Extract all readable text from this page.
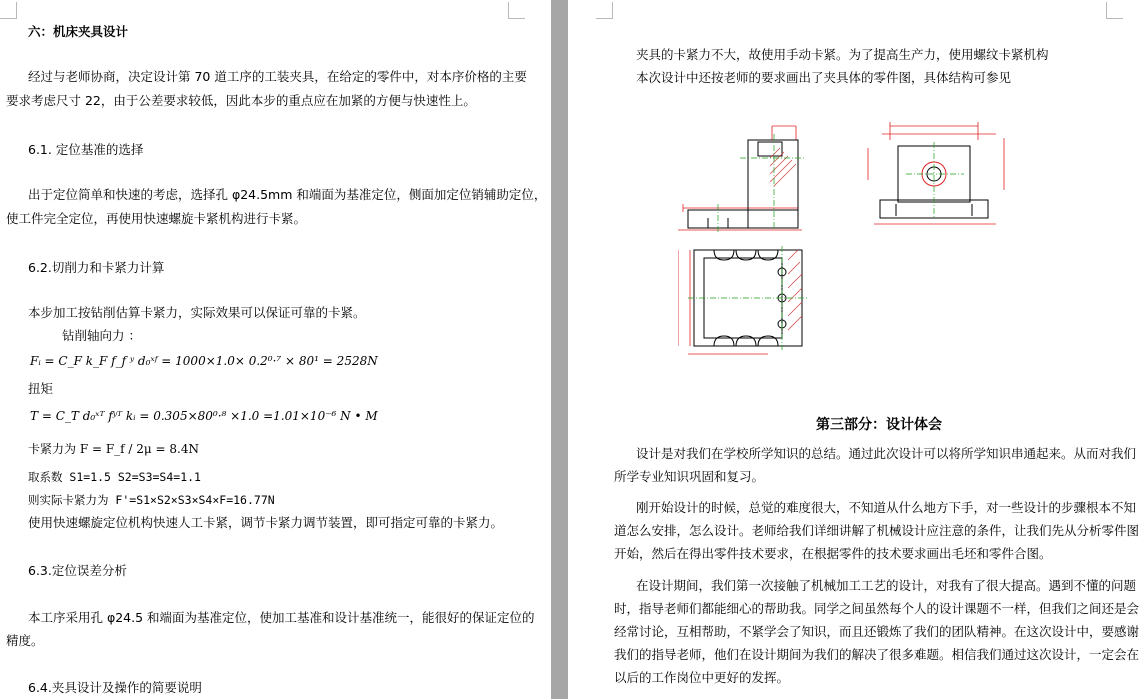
六：机床夹具设计
经过与老师协商，决定设计第 70 道工序的工装夹具，在给定的零件中，对本序价格的主要
要求考虑尺寸 22，由于公差要求较低，因此本步的重点应在加紧的方便与快速性上。
6.1. 定位基准的选择
出于定位简单和快速的考虑，选择孔 φ24.5mm 和端面为基准定位，侧面加定位销辅助定位，
使工件完全定位，再使用快速螺旋卡紧机构进行卡紧。
6.2.切削力和卡紧力计算
本步加工按钻削估算卡紧力，实际效果可以保证可靠的卡紧。
钻削轴向力 ：
Fᵢ = C_F k_F f_f ʸ d₀ˣᶠ = 1000×1.0× 0.2⁰·⁷ × 80¹ = 2528N
扭矩
T = C_T d₀ˣᵀ fʸᵀ kᵢ = 0.305×80⁰·⁸ ×1.0 =1.01×10⁻⁶ N • M
卡紧力为 F = F_f / 2μ = 8.4N
取系数 S1=1.5 S2=S3=S4=1.1
则实际卡紧力为 F'=S1×S2×S3×S4×F=16.77N
使用快速螺旋定位机构快速人工卡紧，调节卡紧力调节装置，即可指定可靠的卡紧力。
6.3.定位误差分析
本工序采用孔 φ24.5 和端面为基准定位，使加工基准和设计基准统一，能很好的保证定位的
精度。
6.4.夹具设计及操作的简要说明
夹具的卡紧力不大，故使用手动卡紧。为了提高生产力，使用螺纹卡紧机构
本次设计中还按老师的要求画出了夹具体的零件图，具体结构可参见
第三部分：设计体会
设计是对我们在学校所学知识的总结。通过此次设计可以将所学知识串通起来。从而对我们
所学专业知识巩固和复习。
刚开始设计的时候，总觉的难度很大，不知道从什么地方下手，对一些设计的步骤根本不知
道怎么安排，怎么设计。老师给我们详细讲解了机械设计应注意的条件，让我们先从分析零件图
开始，然后在得出零件技术要求，在根据零件的技术要求画出毛坯和零件合图。
在设计期间，我们第一次接触了机械加工工艺的设计，对我有了很大提高。遇到不懂的问题
时，指导老师们都能细心的帮助我。同学之间虽然每个人的设计课题不一样，但我们之间还是会
经常讨论，互相帮助，不紧学会了知识，而且还锻炼了我们的团队精神。在这次设计中，要感谢
我们的指导老师，他们在设计期间为我们的解决了很多难题。相信我们通过这次设计，一定会在
以后的工作岗位中更好的发挥。
